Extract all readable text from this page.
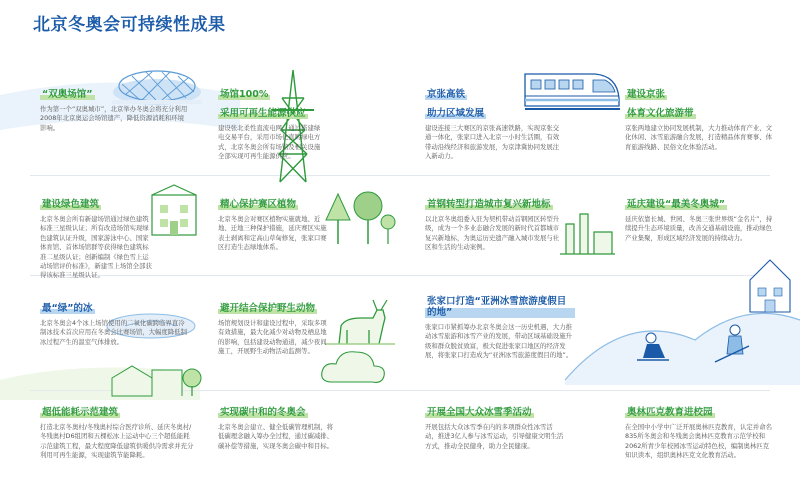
北京冬奥会可持续性成果
“双奥场馆”
作为第一个“双奥城市”，北京举办冬奥会将充分利用2008年北京奥运会场馆遗产，降低资源消耗和环境影响。
场馆100%
采用可再生能源供应
建设张北柔性直流电网，通过搭建绿电交易平台，采用市场化直购绿电方式，北京冬奥会所有场馆及相关设施全部实现可再生能源供应。
京张高铁
助力区域发展
建设连接三大赛区的京张高速铁路，实现京张交通一体化，张家口进入北京一小时生活圈，有效带动沿线经济和旅游发展，为京津冀协同发展注入新动力。
建设京张
体育文化旅游带
京张两地建立协同发展机制，大力推动体育产业、文化休闲、冰雪旅游融合发展，打造精品体育赛事、体育旅游线路、民俗文化体验活动。
建设绿色建筑
北京冬奥会所有新建场馆通过绿色建筑标准三星级认证；所有改造场馆实现绿色建筑认证升级，国家游泳中心、国家体育馆、首体场馆群等获得绿色建筑标准二星级认证；创新编制《绿色雪上运动场馆评价标准》，新建雪上场馆全部获得该标准三星级认证。
精心保护赛区植物
北京冬奥会对赛区植物实施就地、近地、迁地三种保护措施，延庆赛区实施表土剥离和定高山草甸修复，张家口赛区打造生态绿地体系。
首钢转型打造城市复兴新地标
以北京冬奥组委入驻为契机带动首钢园区转型升级，成为一个多业态融合发展的新时代首都城市复兴新地标，为奥运历史遗产融入城市发展与社区和生活的生动案例。
延庆建设“最美冬奥城”
延庆依靠长城、世园、冬奥三张世界级“金名片”，持续提升生态环境质量，改善交通基础设施，推动绿色产业集聚，形成区域经济发展的持续动力。
最“绿”的冰
北京冬奥会4个冰上场馆使用的二氧化碳跨临界直冷制冰技术首次应用在冬奥会比赛场馆，大幅度降低制冰过程产生的温室气体排放。
避开结合保护野生动物
场馆规划设计和建设过程中，采取多项有效措施，最大化减少对动物及栖息地的影响，包括建设动物通道，减少夜间施工，开展野生动物活动监测等。
张家口打造“亚洲冰雪旅游度假目的地”
张家口市紧抓筹办北京冬奥会这一历史机遇，大力推动冰雪旅游和冰雪产业的发展，带动区域基础设施升级和群众脱贫致富，极大促进张家口地区的经济发展，将张家口打造成为“亚洲冰雪旅游度假目的地”。
超低能耗示范建筑
打造北京冬奥村/冬残奥村综合医疗诊所、延庆冬奥村/冬残奥村D6组团和五棵松冰上运动中心三个超低能耗示范建筑工程，最大程度降低建筑供暖供冷需求并充分利用可再生能源，实现建筑节能降耗。
实现碳中和的冬奥会
北京冬奥会建立、健全低碳管理机制，将低碳理念融入筹办全过程，通过碳减排、碳补偿等措施，实现冬奥会碳中和目标。
开展全国大众冰雪季活动
开展包括大众冰雪季在内的多项群众性冰雪活动，推进3亿人参与冰雪运动，引导健康文明生活方式，推动全民健身，助力全民健康。
奥林匹克教育进校园
在全国中小学中广泛开展奥林匹克教育，认定并命名835所冬奥会和冬残奥会奥林匹克教育示范学校和2062所青少年校园冰雪运动特色校，编制奥林匹克知识读本，组织奥林匹克文化教育活动。
